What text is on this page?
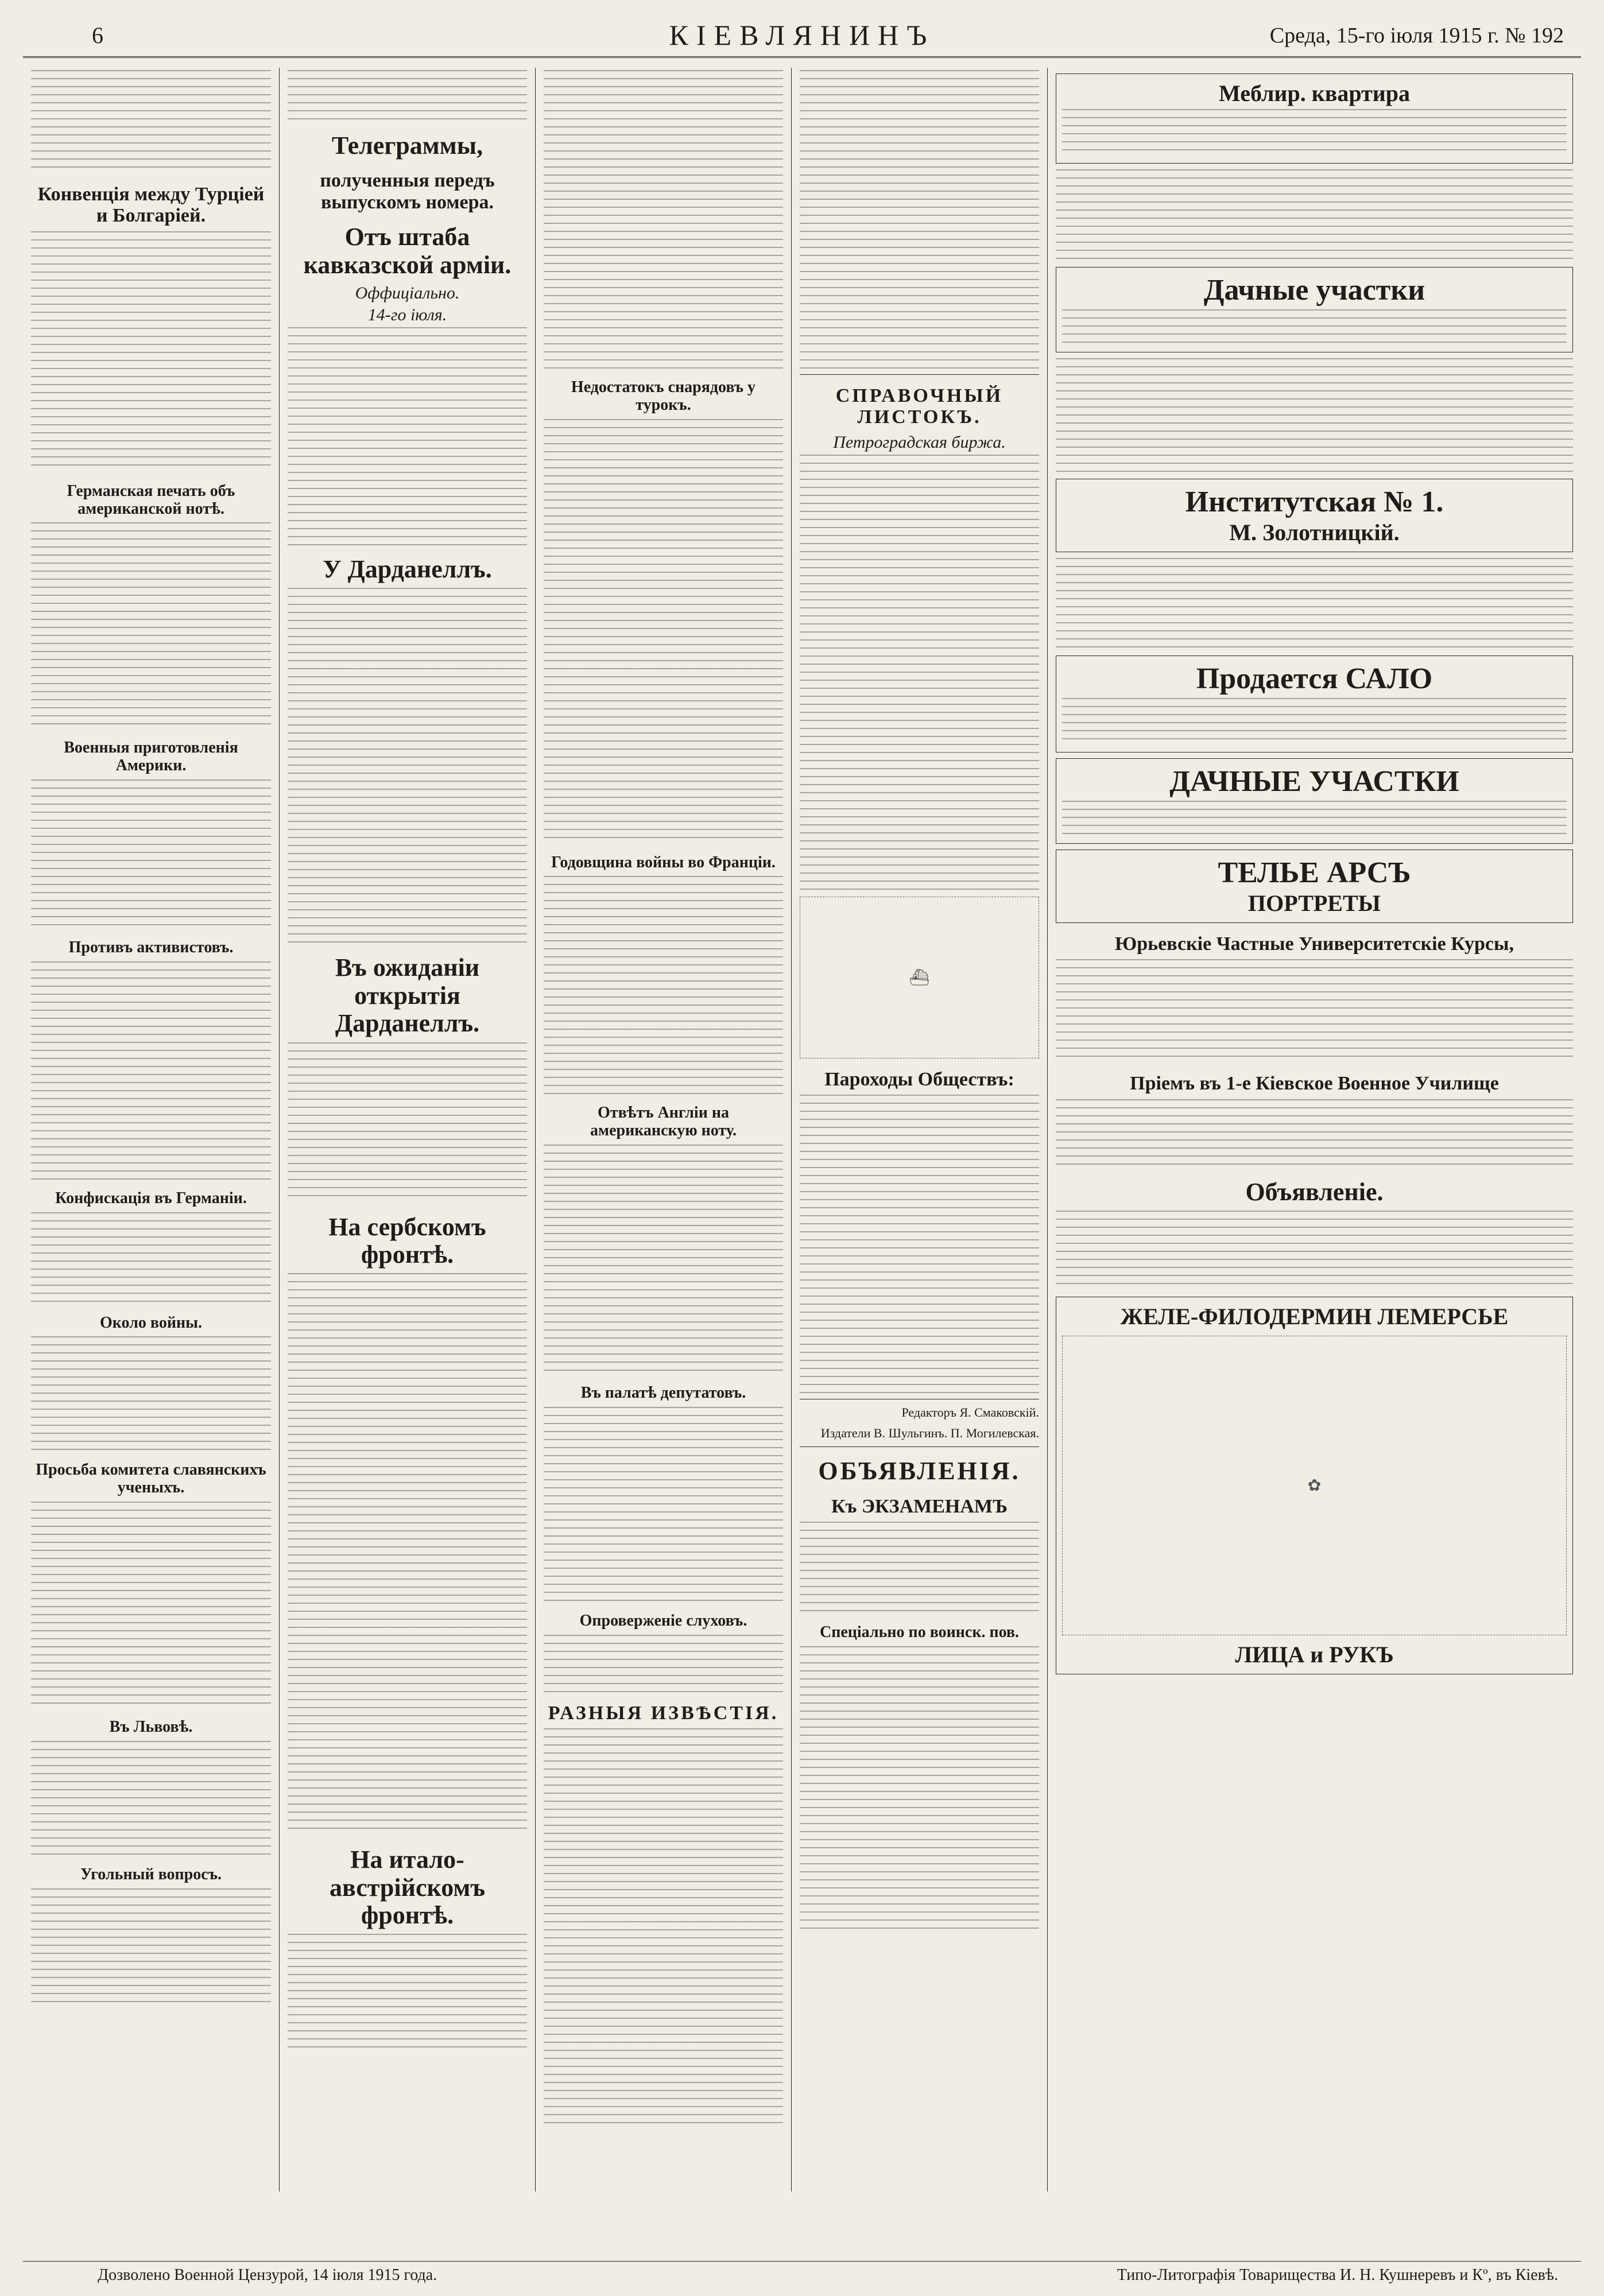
6	КІЕВЛЯНИНЪ	Среда, 15-го іюля 1915 г. № 192
Конвенція между Турціей и Болгаріей.
Германская печать объ американской нотѣ.
Военныя приготовленія Америки.
Противъ активистовъ.
Конфискація въ Германіи.
Около войны.
Просьба комитета славянскихъ ученыхъ.
Въ Львовѣ.
Угольный вопросъ.
Телеграммы,
полученныя передъ выпускомъ номера.
Отъ штаба кавказской арміи.
Оффиціально.
14-го іюля.
У Дарданеллъ.
Въ ожиданіи открытія Дарданеллъ.
На сербскомъ фронтѣ.
На итало-австрійскомъ фронтѣ.
Недостатокъ снарядовъ у турокъ.
Годовщина войны во Франціи.
Отвѣтъ Англіи на американскую ноту.
Въ палатѣ депутатовъ.
Опроверженіе слуховъ.
РАЗНЫЯ ИЗВѢСТІЯ.
СПРАВОЧНЫЙ ЛИСТОКЪ.
Петроградская биржа.
⛴
Пароходы Обществъ:
Редакторъ Я. Смаковскій.
Издатели В. Шульгинъ. П. Могилевская.
ОБЪЯВЛЕНІЯ.
Къ ЭКЗАМЕНАМЪ
Спеціально по воинск. пов.
Меблир. квартира
Дачные участки
Институтская № 1.
М. Золотницкій.
Продается САЛО
ДАЧНЫЕ УЧАСТКИ
ТЕЛЬЕ АРСЪ
ПОРТРЕТЫ
Юрьевскіе Частные Университетскіе Курсы,
Пріемъ въ 1-е Кіевское Военное Училище
Объявленіе.
ЖЕЛЕ-ФИЛОДЕРМИН ЛЕМЕРСЬЕ
✿
ЛИЦА и РУКЪ
Дозволено Военной Цензурой, 14 іюля 1915 года.	Типо-Литографія Товарищества И. Н. Кушнеревъ и Кº, въ Кіевѣ.
